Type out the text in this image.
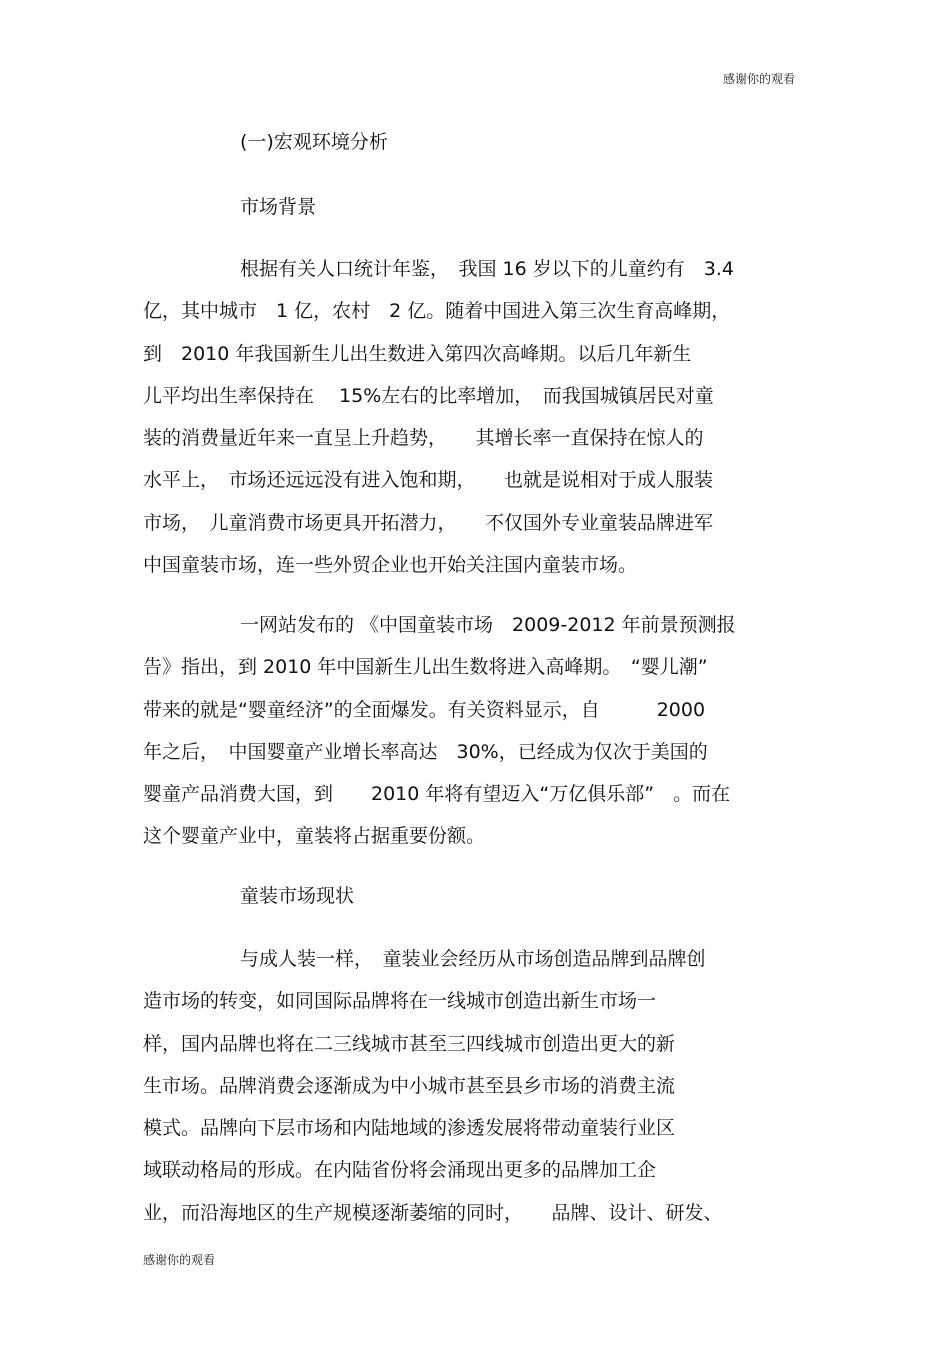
感谢你的观看
(一)宏观环境分析
市场背景
根据有关人口统计年鉴，　我国 16 岁以下的儿童约有　3.4
亿，其中城市　1 亿，农村　2 亿。随着中国进入第三次生育高峰期，
到　2010 年我国新生儿出生数进入第四次高峰期。以后几年新生
儿平均出生率保持在　 15%左右的比率增加，　而我国城镇居民对童
装的消费量近年来一直呈上升趋势，　　其增长率一直保持在惊人的
水平上，　市场还远远没有进入饱和期，　　也就是说相对于成人服装
市场，　儿童消费市场更具开拓潜力，　　不仅国外专业童装品牌进军
中国童装市场，连一些外贸企业也开始关注国内童装市场。
一网站发布的 《中国童装市场　2009-2012 年前景预测报
告》指出，到 2010 年中国新生儿出生数将进入高峰期。　“婴儿潮”
带来的就是“婴童经济”的全面爆发。有关资料显示，自　　　2000
年之后，　中国婴童产业增长率高达　30%，已经成为仅次于美国的
婴童产品消费大国，到　　2010 年将有望迈入“万亿俱乐部”　。而在
这个婴童产业中，童装将占据重要份额。
童装市场现状
与成人装一样，　童装业会经历从市场创造品牌到品牌创
造市场的转变，如同国际品牌将在一线城市创造出新生市场一
样，国内品牌也将在二三线城市甚至三四线城市创造出更大的新
生市场。品牌消费会逐渐成为中小城市甚至县乡市场的消费主流
模式。品牌向下层市场和内陆地域的渗透发展将带动童装行业区
域联动格局的形成。在内陆省份将会涌现出更多的品牌加工企
业，而沿海地区的生产规模逐渐萎缩的同时，　　品牌、设计、研发、
感谢你的观看
